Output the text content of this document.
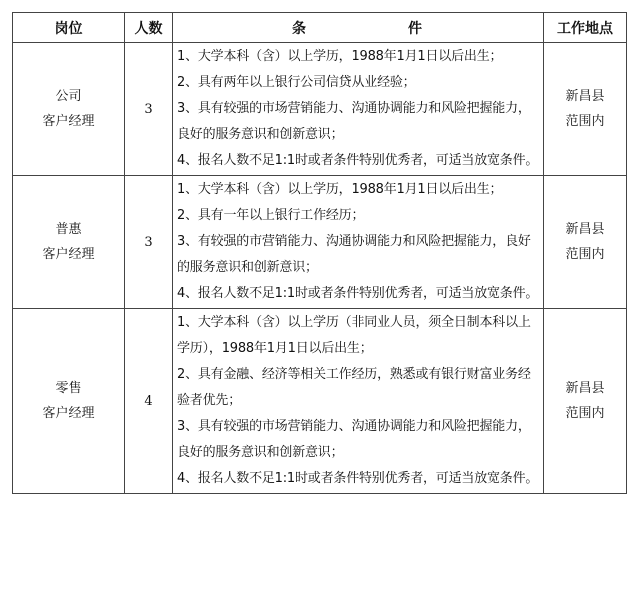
岗位	人数	条 件	工作地点

公司
客户经理	3	1、大学本科（含）以上学历，1988年1月1日以后出生；
2、具有两年以上银行公司信贷从业经验；
3、具有较强的市场营销能力、沟通协调能力和风险把握能力，良好的服务意识和创新意识；
4、报名人数不足1:1时或者条件特别优秀者，可适当放宽条件。	新昌县
范围内

普惠
客户经理	3	1、大学本科（含）以上学历，1988年1月1日以后出生；
2、具有一年以上银行工作经历；
3、有较强的市营销能力、沟通协调能力和风险把握能力，良好的服务意识和创新意识；
4、报名人数不足1:1时或者条件特别优秀者，可适当放宽条件。	新昌县
范围内

零售
客户经理	4	1、大学本科（含）以上学历（非同业人员，须全日制本科以上学历），1988年1月1日以后出生；
2、具有金融、经济等相关工作经历，熟悉或有银行财富业务经验者优先；
3、具有较强的市场营销能力、沟通协调能力和风险把握能力，良好的服务意识和创新意识；
4、报名人数不足1:1时或者条件特别优秀者，可适当放宽条件。	新昌县
范围内
